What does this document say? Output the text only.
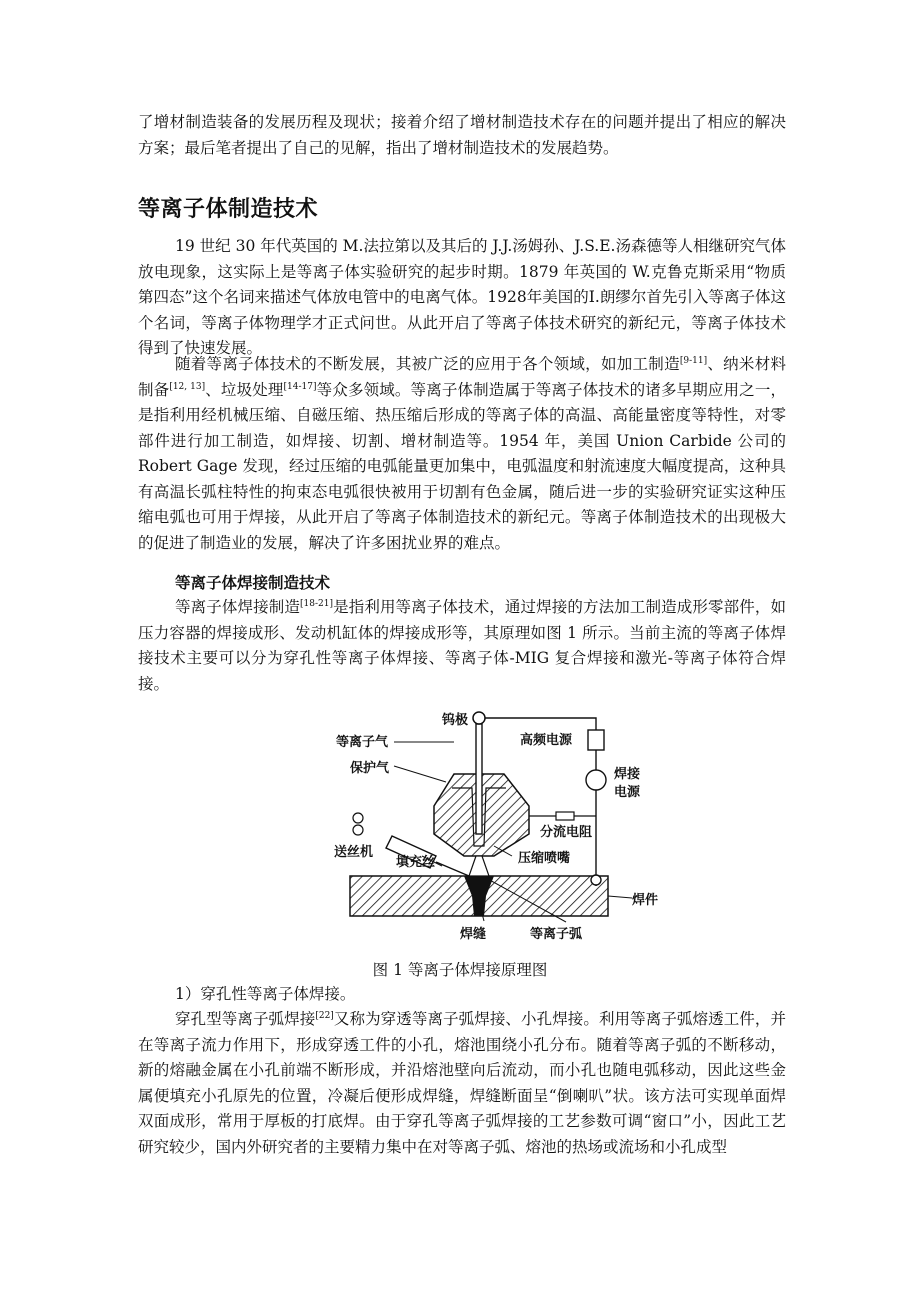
了增材制造装备的发展历程及现状；接着介绍了增材制造技术存在的问题并提出了相应的解决方案；最后笔者提出了自己的见解，指出了增材制造技术的发展趋势。

等离子体制造技术

19 世纪 30 年代英国的 M.法拉第以及其后的 J.J.汤姆孙、J.S.E.汤森德等人相继研究气体放电现象，这实际上是等离子体实验研究的起步时期。1879 年英国的 W.克鲁克斯采用“物质第四态”这个名词来描述气体放电管中的电离气体。1928年美国的I.朗缪尔首先引入等离子体这个名词，等离子体物理学才正式问世。从此开启了等离子体技术研究的新纪元，等离子体技术得到了快速发展。

随着等离子体技术的不断发展，其被广泛的应用于各个领域，如加工制造[9-11]、纳米材料制备[12, 13]、垃圾处理[14-17]等众多领域。等离子体制造属于等离子体技术的诸多早期应用之一，是指利用经机械压缩、自磁压缩、热压缩后形成的等离子体的高温、高能量密度等特性，对零部件进行加工制造，如焊接、切割、增材制造等。1954 年，美国 Union Carbide 公司的 Robert Gage 发现，经过压缩的电弧能量更加集中，电弧温度和射流速度大幅度提高，这种具有高温长弧柱特性的拘束态电弧很快被用于切割有色金属，随后进一步的实验研究证实这种压缩电弧也可用于焊接，从此开启了等离子体制造技术的新纪元。等离子体制造技术的出现极大的促进了制造业的发展，解决了许多困扰业界的难点。

等离子体焊接制造技术

等离子体焊接制造[18-21]是指利用等离子体技术，通过焊接的方法加工制造成形零部件，如压力容器的焊接成形、发动机缸体的焊接成形等，其原理如图 1 所示。当前主流的等离子体焊接技术主要可以分为穿孔性等离子体焊接、等离子体-MIG 复合焊接和激光-等离子体符合焊接。

钨极
等离子气	高频电源
保护气	焊接
电源
分流电阻
送丝机
填充丝	压缩喷嘴
焊件
焊缝	等离子弧

图 1 等离子体焊接原理图

1）穿孔性等离子体焊接。

穿孔型等离子弧焊接[22]又称为穿透等离子弧焊接、小孔焊接。利用等离子弧熔透工件，并在等离子流力作用下，形成穿透工件的小孔，熔池围绕小孔分布。随着等离子弧的不断移动，新的熔融金属在小孔前端不断形成，并沿熔池壁向后流动，而小孔也随电弧移动，因此这些金属便填充小孔原先的位置，冷凝后便形成焊缝，焊缝断面呈“倒喇叭”状。该方法可实现单面焊双面成形，常用于厚板的打底焊。由于穿孔等离子弧焊接的工艺参数可调“窗口”小，因此工艺研究较少，国内外研究者的主要精力集中在对等离子弧、熔池的热场或流场和小孔成型
